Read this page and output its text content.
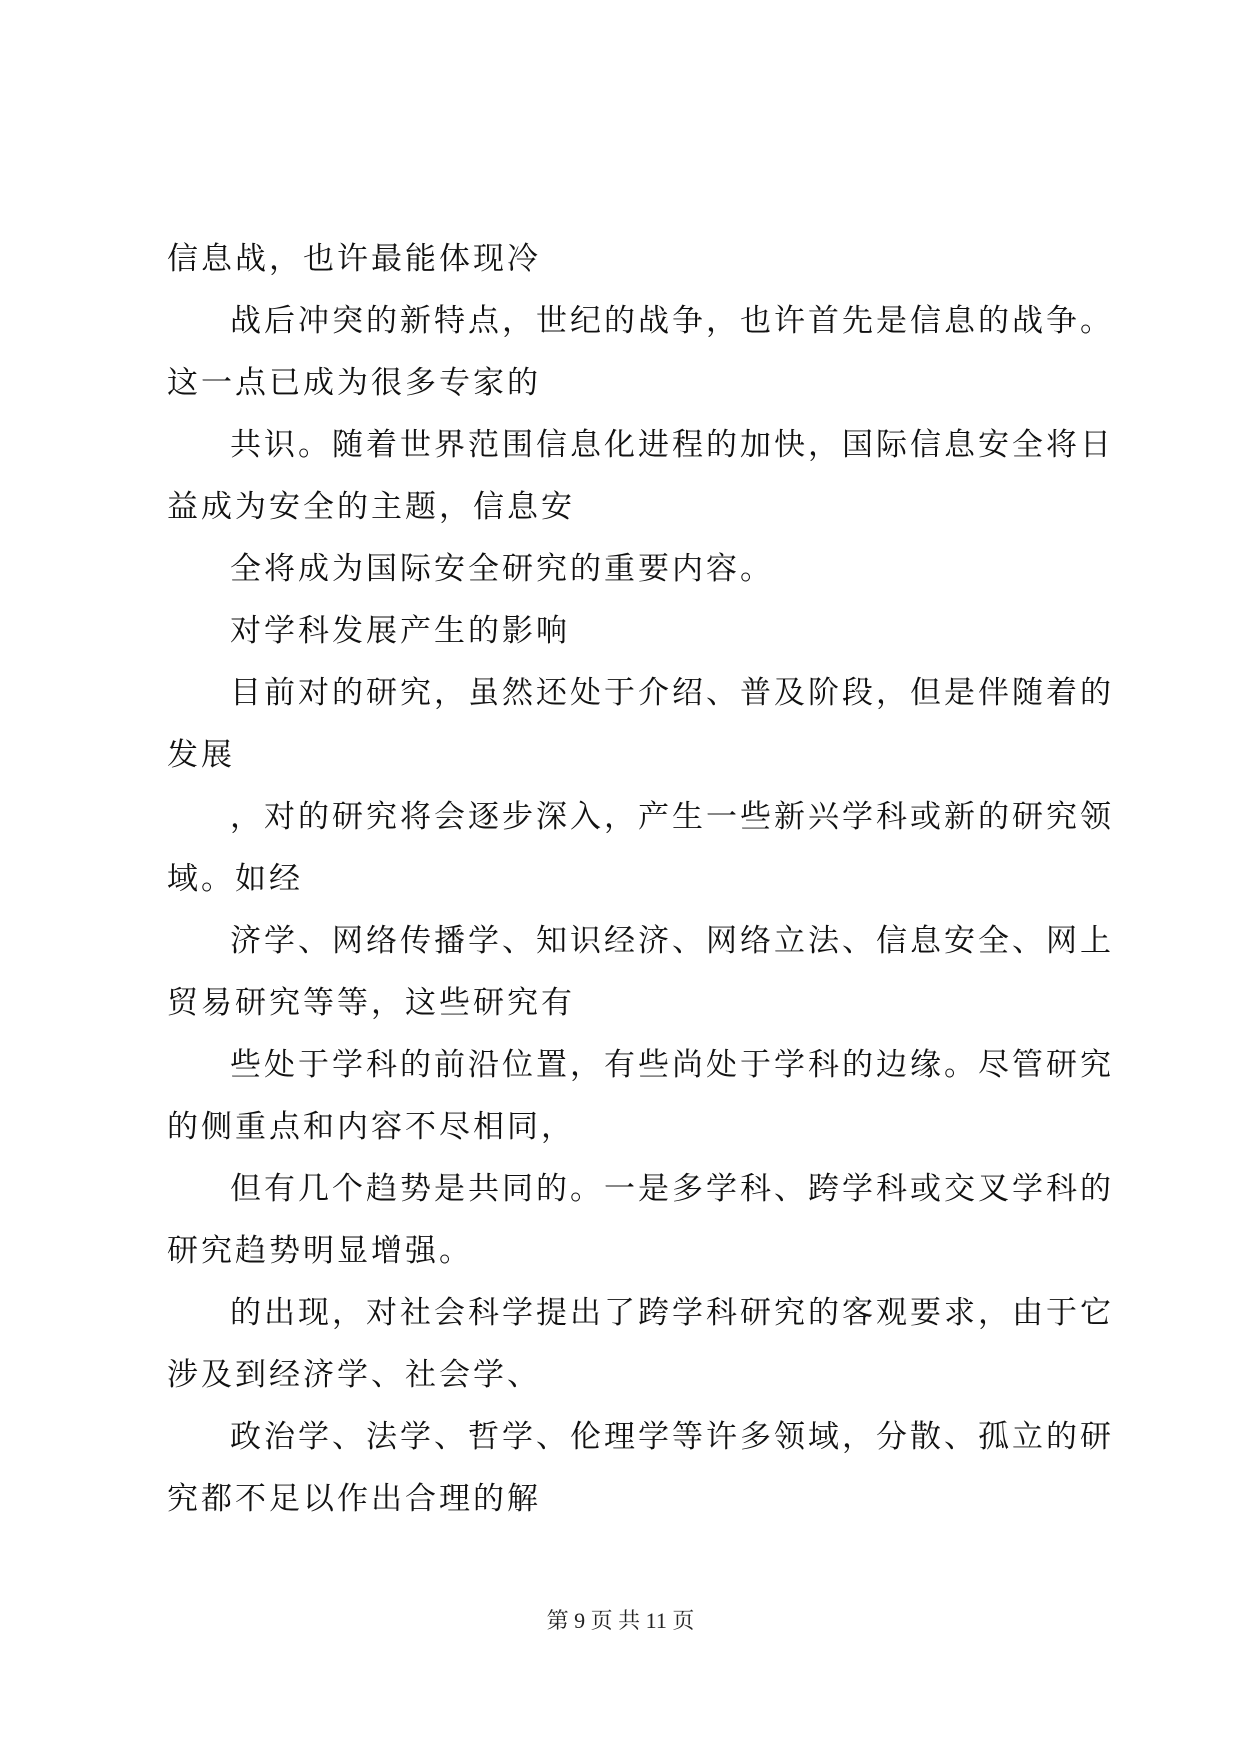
信息战，也许最能体现冷
战后冲突的新特点，世纪的战争，也许首先是信息的战争。
这一点已成为很多专家的
共识。随着世界范围信息化进程的加快，国际信息安全将日
益成为安全的主题，信息安
全将成为国际安全研究的重要内容。
对学科发展产生的影响
目前对的研究，虽然还处于介绍、普及阶段，但是伴随着的
发展
，对的研究将会逐步深入，产生一些新兴学科或新的研究领
域。如经
济学、网络传播学、知识经济、网络立法、信息安全、网上
贸易研究等等，这些研究有
些处于学科的前沿位置，有些尚处于学科的边缘。尽管研究
的侧重点和内容不尽相同，
但有几个趋势是共同的。一是多学科、跨学科或交叉学科的
研究趋势明显增强。
的出现，对社会科学提出了跨学科研究的客观要求，由于它
涉及到经济学、社会学、
政治学、法学、哲学、伦理学等许多领域，分散、孤立的研
究都不足以作出合理的解
第 9 页 共 11 页
